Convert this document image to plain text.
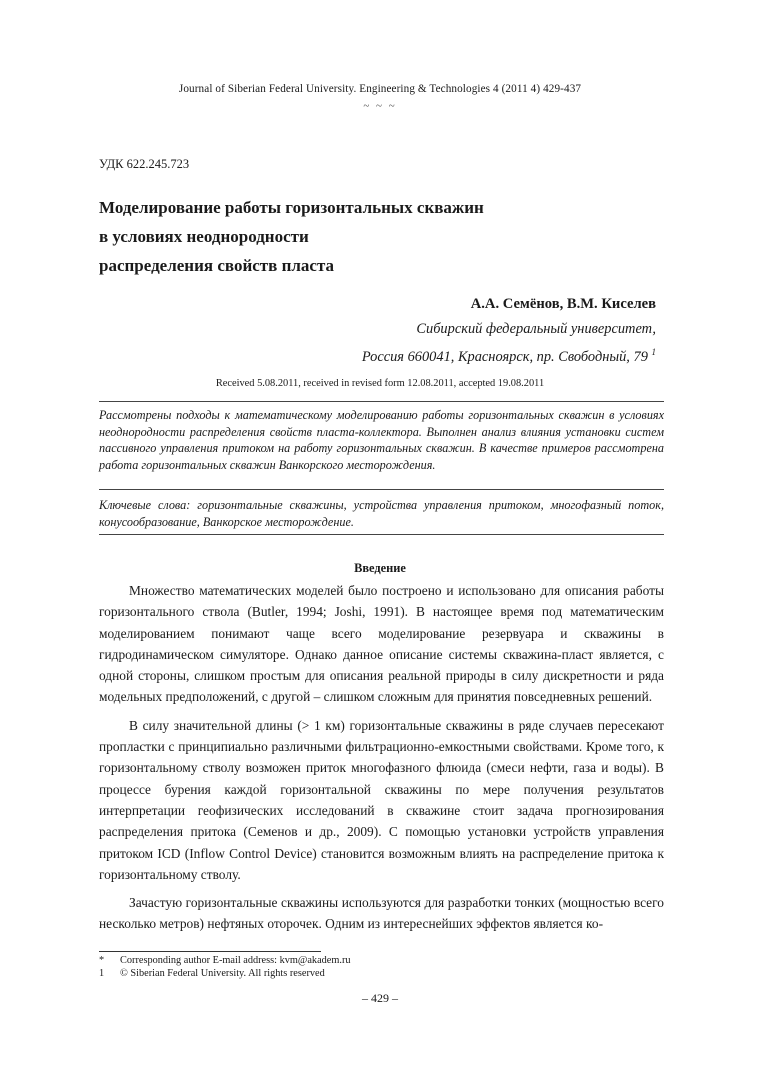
Journal of Siberian Federal University. Engineering & Technologies 4 (2011 4) 429-437
~ ~ ~
УДК 622.245.723
Моделирование работы горизонтальных скважин
в условиях неоднородности
распределения свойств пласта
А.А. Семёнов, В.М. Киселев
Сибирский федеральный университет,
Россия 660041, Красноярск, пр. Свободный, 79 $^1$
Received 5.08.2011, received in revised form 12.08.2011, accepted 19.08.2011
Рассмотрены подходы к математическому моделированию работы горизонтальных скважин в условиях неоднородности распределения свойств пласта-коллектора. Выполнен анализ влияния установки систем пассивного управления притоком на работу горизонтальных скважин. В качестве примеров рассмотрена работа горизонтальных скважин Ванкорского месторождения.
Ключевые слова: горизонтальные скважины, устройства управления притоком, многофазный поток, конусообразование, Ванкорское месторождение.
Введение

Множество математических моделей было построено и использовано для описания работы горизонтального ствола (Butler, 1994; Joshi, 1991). В настоящее время под математическим моделированием понимают чаще всего моделирование резервуара и скважины в гидродинамическом симуляторе. Однако данное описание системы скважина-пласт является, с одной стороны, слишком простым для описания реальной природы в силу дискретности и ряда модельных предположений, с другой – слишком сложным для принятия повседневных решений.

В силу значительной длины (> 1 км) горизонтальные скважины в ряде случаев пересекают пропластки с принципиально различными фильтрационно-емкостными свойствами. Кроме того, к горизонтальному стволу возможен приток многофазного флюида (смеси нефти, газа и воды). В процессе бурения каждой горизонтальной скважины по мере получения результатов интерпретации геофизических исследований в скважине стоит задача прогнозирования распределения притока (Семенов и др., 2009). С помощью установки устройств управления притоком ICD (Inflow Control Device) становится возможным влиять на распределение притока к горизонтальному стволу.

Зачастую горизонтальные скважины используются для разработки тонких (мощностью всего несколько метров) нефтяных оторочек. Одним из интереснейших эффектов является ко-

*	Corresponding author E-mail address: kvm@akadem.ru
1	© Siberian Federal University. All rights reserved
– 429 –
